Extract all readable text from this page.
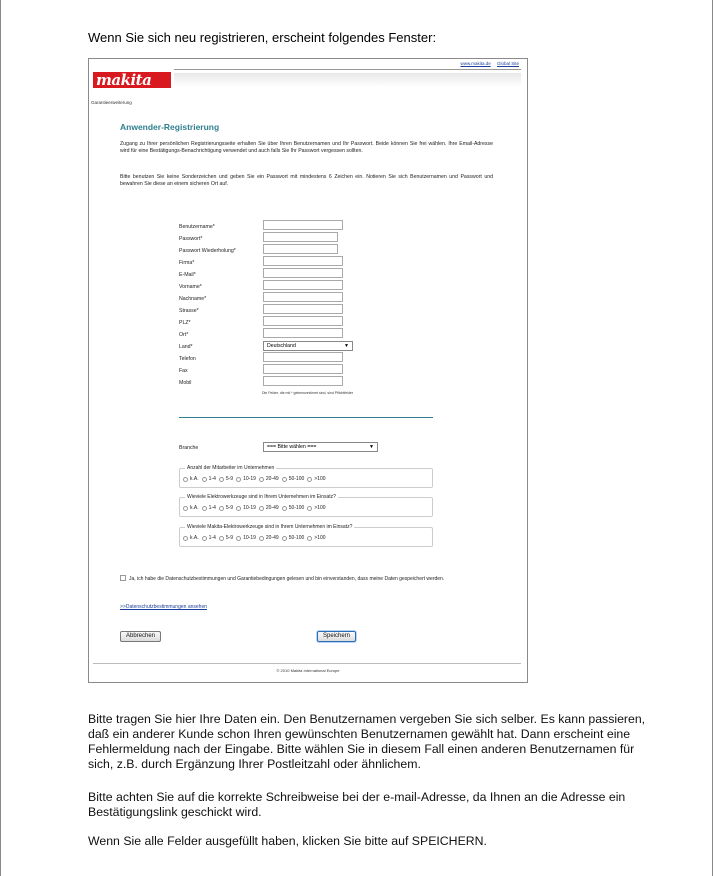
Wenn Sie sich neu registrieren, erscheint folgendes Fenster:
www.makita.de Global Site
makita
Garantieerweiterung
Anwender-Registrierung
Zugang zu Ihrer persönlichen Registrierungsseite erhalten Sie über Ihren Benutzernamen und Ihr Passwort. Beide können Sie frei wählen. Ihre Email-Adresse wird für eine Bestätigungs-Benachrichtigung verwendet und auch falls Sie Ihr Passwort vergessen sollten.
Bitte benutzen Sie keine Sonderzeichen und geben Sie ein Passwort mit mindestens 6 Zeichen ein. Notieren Sie sich Benutzernamen und Passwort und bewahren Sie diese an einem sicheren Ort auf.
Benutzername*
Passwort*
Passwort Wiederholung*
Firma*
E-Mail*
Vorname*
Nachname*
Strasse*
PLZ*
Ort*
Land*	Deutschland	▼
Telefon
Fax
Mobil
Die Felder, die mit * gekennzeichnet sind, sind Pflichtfelder
Branche	=== Bitte wählen ===	▼
Anzahl der Mitarbeiter im Unternehmen
k.A. 1-4 5-9 10-19 20-49 50-100 >100
Wieviele Elektrowerkzeuge sind in Ihrem Unternehmen im Einsatz?
k.A. 1-4 5-9 10-19 20-49 50-100 >100
Wieviele Makita-Elektrowerkzeuge sind in Ihrem Unternehmen im Einsatz?
k.A. 1-4 5-9 10-19 20-49 50-100 >100
Ja, ich habe die Datenschutzbestimmungen und Garantiebedingungen gelesen und bin einverstanden, dass meine Daten gespeichert werden.
>>Datenschutzbestimmungen ansehen
Abbrechen	Speichern
© 2010 Makita International Europe
Bitte tragen Sie hier Ihre Daten ein. Den Benutzernamen vergeben Sie sich selber. Es kann passieren, daß ein anderer Kunde schon Ihren gewünschten Benutzernamen gewählt hat. Dann erscheint eine Fehlermeldung nach der Eingabe. Bitte wählen Sie in diesem Fall einen anderen Benutzernamen für sich, z.B. durch Ergänzung Ihrer Postleitzahl oder ähnlichem.
Bitte achten Sie auf die korrekte Schreibweise bei der e-mail-Adresse, da Ihnen an die Adresse ein Bestätigungslink geschickt wird.
Wenn Sie alle Felder ausgefüllt haben, klicken Sie bitte auf SPEICHERN.
